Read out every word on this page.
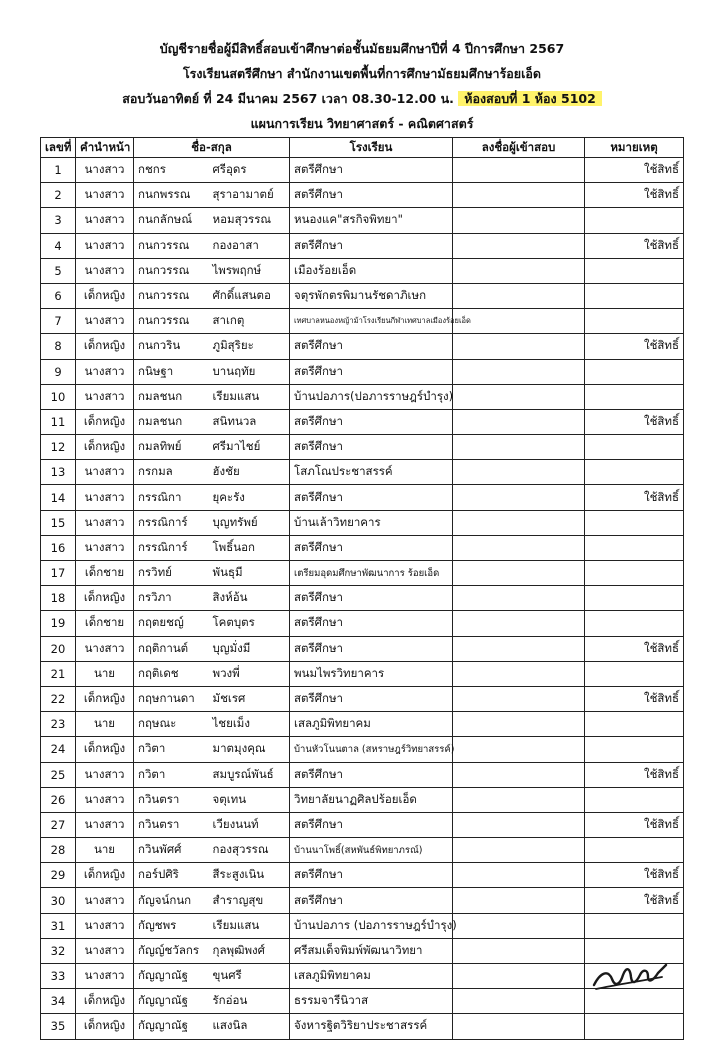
บัญชีรายชื่อผู้มีสิทธิ์สอบเข้าศึกษาต่อชั้นมัธยมศึกษาปีที่ 4 ปีการศึกษา 2567
โรงเรียนสตรีศึกษา สำนักงานเขตพื้นที่การศึกษามัธยมศึกษาร้อยเอ็ด
สอบวันอาทิตย์ ที่ 24 มีนาคม 2567 เวลา 08.30-12.00 น. ห้องสอบที่ 1 ห้อง 5102
แผนการเรียน วิทยาศาสตร์ - คณิตศาสตร์
เลขที่	คำนำหน้า	ชื่อ-สกุล		โรงเรียน	ลงชื่อผู้เข้าสอบ	หมายเหตุ
1	นางสาว	กชกร	ศรีอุดร	สตรีศึกษา		ใช้สิทธิ์
2	นางสาว	กนกพรรณ	สุราอามาตย์	สตรีศึกษา		ใช้สิทธิ์
3	นางสาว	กนกลักษณ์	หอมสุวรรณ	หนองแค"สรกิจพิทยา"		
4	นางสาว	กนกวรรณ	กองอาสา	สตรีศึกษา		ใช้สิทธิ์
5	นางสาว	กนกวรรณ	ไพรพฤกษ์	เมืองร้อยเอ็ด		
6	เด็กหญิง	กนกวรรณ	ศักดิ์แสนตอ	จตุรพักตรพิมานรัชดาภิเษก		
7	นางสาว	กนกวรรณ	สาเกตุ	เทศบาลหนองหญ้าม้าโรงเรียนกีฬาเทศบาลเมืองร้อยเอ็ด		
8	เด็กหญิง	กนกวริน	ภูมิสุริยะ	สตรีศึกษา		ใช้สิทธิ์
9	นางสาว	กนิษฐา	บานฤทัย	สตรีศึกษา		
10	นางสาว	กมลชนก	เรียมแสน	บ้านปอภาร(ปอภารราษฎร์บำรุง)		
11	เด็กหญิง	กมลชนก	สนิทนวล	สตรีศึกษา		ใช้สิทธิ์
12	เด็กหญิง	กมลทิพย์	ศรีมาไชย์	สตรีศึกษา		
13	นางสาว	กรกมล	ฮังชัย	โสภโณประชาสรรค์		
14	นางสาว	กรรณิกา	ยุคะรัง	สตรีศึกษา		ใช้สิทธิ์
15	นางสาว	กรรณิการ์	บุญทรัพย์	บ้านเล้าวิทยาคาร		
16	นางสาว	กรรณิการ์	โพธิ์นอก	สตรีศึกษา		
17	เด็กชาย	กรวิทย์	พันธุมี	เตรียมอุดมศึกษาพัฒนาการ ร้อยเอ็ด		
18	เด็กหญิง	กรวิภา	สิงห์อ้น	สตรีศึกษา		
19	เด็กชาย	กฤตยชญ์	โคตบุตร	สตรีศึกษา		
20	นางสาว	กฤติกานต์	บุญมั่งมี	สตรีศึกษา		ใช้สิทธิ์
21	นาย	กฤติเดช	พวงพี่	พนมไพรวิทยาคาร		
22	เด็กหญิง	กฤษกานดา	มัชเรศ	สตรีศึกษา		ใช้สิทธิ์
23	นาย	กฤษณะ	ไชยเม็ง	เสลภูมิพิทยาคม		
24	เด็กหญิง	กวิตา	มาตมุงคุณ	บ้านหัวโนนตาล (สหราษฎร์วิทยาสรรค์)		
25	นางสาว	กวิตา	สมบูรณ์พันธ์	สตรีศึกษา		ใช้สิทธิ์
26	นางสาว	กวินตรา	จตุเทน	วิทยาลัยนาฏศิลปร้อยเอ็ด		
27	นางสาว	กวินตรา	เวียงนนท์	สตรีศึกษา		ใช้สิทธิ์
28	นาย	กวินพัศศ์	กองสุวรรณ	บ้านนาโพธิ์(สหพันธ์พิทยาภรณ์)		
29	เด็กหญิง	กอร์ปศิริ	สีระสูงเนิน	สตรีศึกษา		ใช้สิทธิ์
30	นางสาว	กัญจน์กนก	สำราญสุข	สตรีศึกษา		ใช้สิทธิ์
31	นางสาว	กัญชพร	เรียมแสน	บ้านปอภาร (ปอภารราษฎร์บำรุง)		
32	นางสาว	กัญญ์ชวัลกร	กุลพุฒิพงศ์	ศรีสมเด็จพิมพ์พัฒนาวิทยา		
33	นางสาว	กัญญาณัฐ	ขุนศรี	เสลภูมิพิทยาคม		
34	เด็กหญิง	กัญญาณัฐ	รักอ่อน	ธรรมจารีนิวาส		
35	เด็กหญิง	กัญญาณัฐ	แสงนิล	จังหารฐิตวิริยาประชาสรรค์		
